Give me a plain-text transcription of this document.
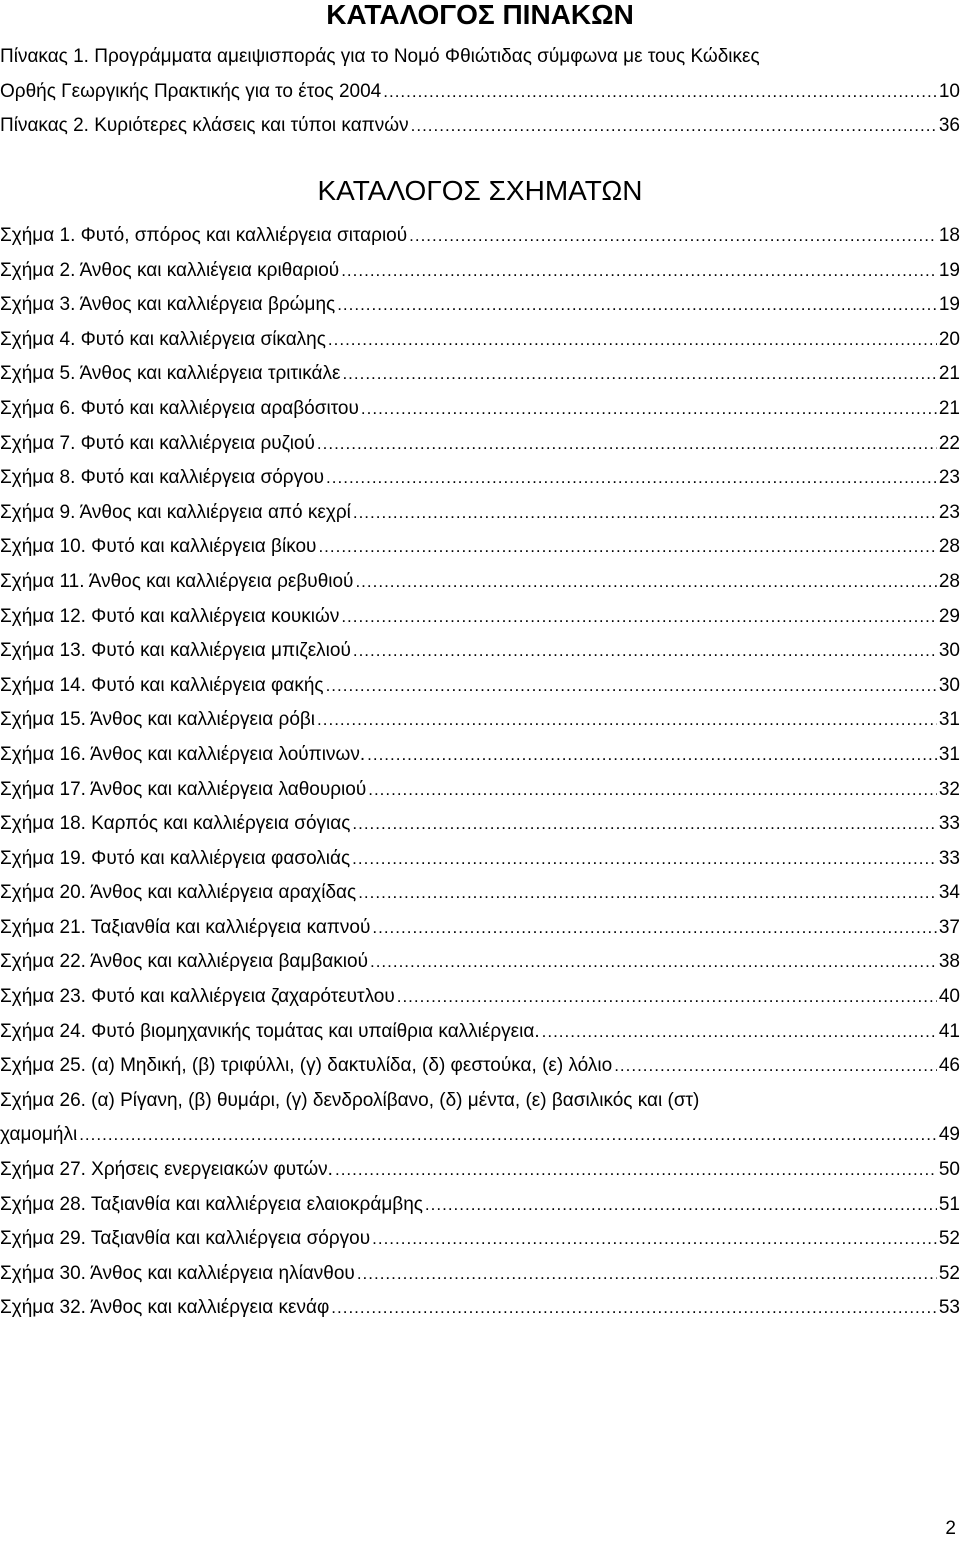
ΚΑΤΑΛΟΓΟΣ ΠΙΝΑΚΩΝ
Πίνακας 1. Προγράμματα αμειψισποράς για το Νομό Φθιώτιδας σύμφωνα με τους Κώδικες
Ορθής Γεωργικής Πρακτικής για το έτος 2004 .....	10
Πίνακας 2. Κυριότερες κλάσεις και τύποι καπνών .....	36
ΚΑΤΑΛΟΓΟΣ ΣΧΗΜΑΤΩΝ
Σχήμα 1. Φυτό, σπόρος και καλλιέργεια σιταριού .....	18
Σχήμα 2. Άνθος και καλλιέγεια κριθαριού .....	19
Σχήμα 3. Άνθος και καλλιέργεια βρώμης .....	19
Σχήμα 4. Φυτό και καλλιέργεια σίκαλης .....	20
Σχήμα 5. Άνθος και καλλιέργεια τριτικάλε .....	21
Σχήμα 6. Φυτό και καλλιέργεια αραβόσιτου .....	21
Σχήμα 7. Φυτό και καλλιέργεια ρυζιού .....	22
Σχήμα 8. Φυτό και καλλιέργεια σόργου .....	23
Σχήμα 9. Άνθος και καλλιέργεια από κεχρί .....	23
Σχήμα 10. Φυτό και καλλιέργεια βίκου .....	28
Σχήμα 11. Άνθος και καλλιέργεια ρεβυθιού .....	28
Σχήμα 12. Φυτό και καλλιέργεια κουκιών .....	29
Σχήμα 13. Φυτό και καλλιέργεια μπιζελιού .....	30
Σχήμα 14. Φυτό και καλλιέργεια φακής .....	30
Σχήμα 15. Άνθος και καλλιέργεια ρόβι .....	31
Σχήμα 16. Άνθος και καλλιέργεια λούπινων. .....	31
Σχήμα 17. Άνθος και καλλιέργεια λαθουριού .....	32
Σχήμα 18. Καρπός και καλλιέργεια σόγιας .....	33
Σχήμα 19. Φυτό και καλλιέργεια φασολιάς .....	33
Σχήμα 20. Άνθος και καλλιέργεια αραχίδας .....	34
Σχήμα 21. Ταξιανθία και καλλιέργεια καπνού .....	37
Σχήμα 22. Άνθος και καλλιέργεια βαμβακιού .....	38
Σχήμα 23. Φυτό και καλλιέργεια ζαχαρότευτλου .....	40
Σχήμα 24. Φυτό βιομηχανικής τομάτας και υπαίθρια καλλιέργεια. .....	41
Σχήμα 25. (α) Μηδική, (β) τριφύλλι, (γ) δακτυλίδα, (δ) φεστούκα, (ε) λόλιο .....	46
Σχήμα 26. (α) Ρίγανη, (β) θυμάρι, (γ) δενδρολίβανο, (δ) μέντα, (ε) βασιλικός και (στ)
χαμομήλι .....	49
Σχήμα 27. Χρήσεις ενεργειακών φυτών. .....	50
Σχήμα 28. Ταξιανθία και καλλιέργεια ελαιοκράμβης .....	51
Σχήμα 29. Ταξιανθία και καλλιέργεια σόργου .....	52
Σχήμα 30. Άνθος και καλλιέργεια ηλίανθου .....	52
Σχήμα 32. Άνθος και καλλιέργεια κενάφ .....	53
2
